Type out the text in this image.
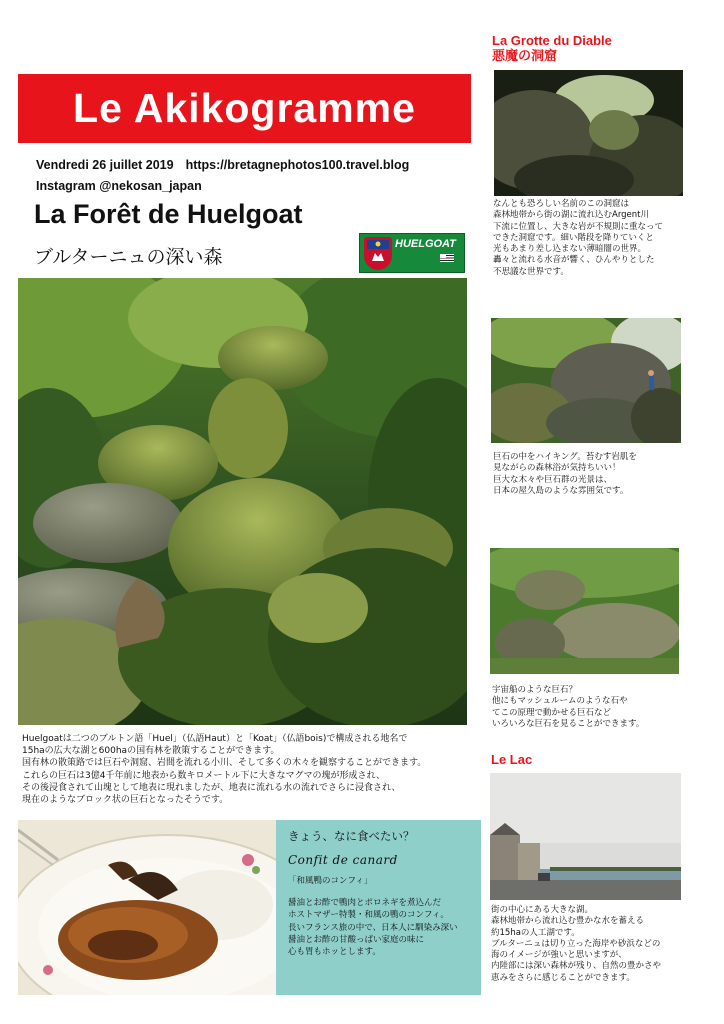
Le Akikogramme
Vendredi 26 juillet 2019 https://bretagnephotos100.travel.blog
Instagram @nekosan_japan
La Forêt de Huelgoat
ブルターニュの深い森
HUELGOAT

Huelgoatは二つのブルトン語「Huel」（仏語Haut）と「Koat」（仏語bois)で構成される地名で

15haの広大な湖と600haの国有林を散策することができます。

国有林の散策路では巨石や洞窟、岩間を流れる小川、そして多くの木々を観察することができます。

これらの巨石は3億4千年前に地表から数キロメートル下に大きなマグマの塊が形成され、

その後浸食されて山塊として地表に現れましたが、地表に流れる水の流れでさらに浸食され、

現在のようなブロック状の巨石となったそうです。

きょう、なに食べたい？
Confit de canard
「和風鴨のコンフィ」

醤油とお酢で鴨肉とポロネギを煮込んだ

ホストマザー特製・和風の鴨のコンフィ。

長いフランス旅の中で、日本人に馴染み深い

醤油とお酢の甘酸っぱい家庭の味に

心も胃もホッとします。

La Grotte du Diable
悪魔の洞窟

なんとも恐ろしい名前のこの洞窟は

森林地帯から街の湖に流れ込むArgent川

下流に位置し、大きな岩が不規則に重なって

できた洞窟です。細い階段を降りていくと

光もあまり差し込まない薄暗闇の世界。

轟々と流れる水音が響く、ひんやりとした

不思議な世界です。

巨石の中をハイキング。苔むす岩肌を

見ながらの森林浴が気持ちいい！

巨大な木々や巨石群の光景は、

日本の屋久島のような雰囲気です。

宇宙船のような巨石？

他にもマッシュルームのような石や

てこの原理で動かせる巨石など

いろいろな巨石を見ることができます。

Le Lac

街の中心にある大きな湖。

森林地帯から流れ込む豊かな水を蓄える

約15haの人工湖です。

ブルターニュは切り立った海岸や砂浜などの

海のイメージが強いと思いますが、

内陸部には深い森林が残り、自然の豊かさや

恵みをさらに感じることができます。
